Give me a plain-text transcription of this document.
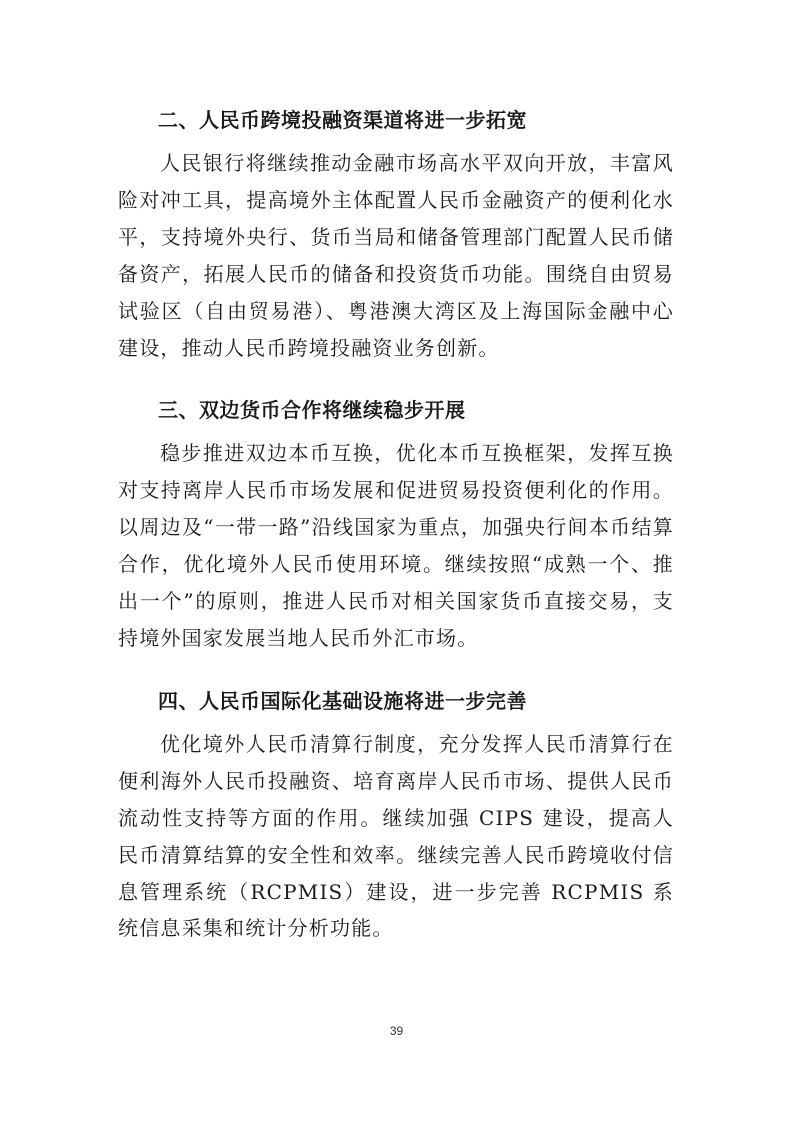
二、人民币跨境投融资渠道将进一步拓宽

人民银行将继续推动金融市场高水平双向开放，丰富风险对冲工具，提高境外主体配置人民币金融资产的便利化水平，支持境外央行、货币当局和储备管理部门配置人民币储备资产，拓展人民币的储备和投资货币功能。围绕自由贸易试验区（自由贸易港）、粤港澳大湾区及上海国际金融中心建设，推动人民币跨境投融资业务创新。

三、双边货币合作将继续稳步开展

稳步推进双边本币互换，优化本币互换框架，发挥互换对支持离岸人民币市场发展和促进贸易投资便利化的作用。以周边及“一带一路”沿线国家为重点，加强央行间本币结算合作，优化境外人民币使用环境。继续按照“成熟一个、推出一个”的原则，推进人民币对相关国家货币直接交易，支持境外国家发展当地人民币外汇市场。

四、人民币国际化基础设施将进一步完善

优化境外人民币清算行制度，充分发挥人民币清算行在便利海外人民币投融资、培育离岸人民币市场、提供人民币流动性支持等方面的作用。继续加强 CIPS 建设，提高人民币清算结算的安全性和效率。继续完善人民币跨境收付信息管理系统（RCPMIS）建设，进一步完善 RCPMIS 系统信息采集和统计分析功能。

39
